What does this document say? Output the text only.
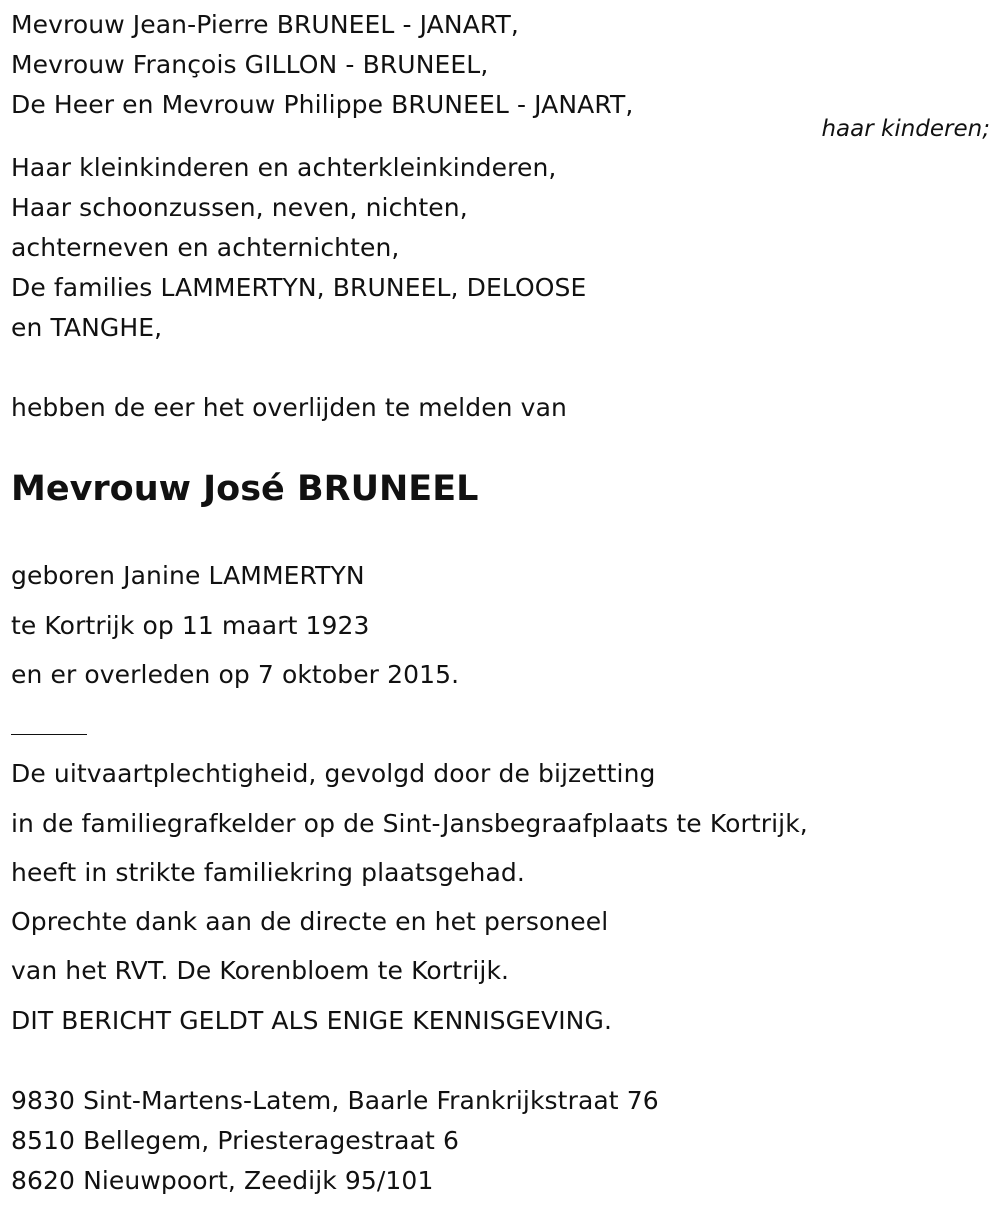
Mevrouw Jean-Pierre BRUNEEL - JANART,
Mevrouw François GILLON - BRUNEEL,
De Heer en Mevrouw Philippe BRUNEEL - JANART,
haar kinderen;
Haar kleinkinderen en achterkleinkinderen,
Haar schoonzussen, neven, nichten,
achterneven en achternichten,
De families LAMMERTYN, BRUNEEL, DELOOSE
en TANGHE,
hebben de eer het overlijden te melden van
Mevrouw José BRUNEEL
geboren Janine LAMMERTYN
te Kortrijk op 11 maart 1923
en er overleden op 7 oktober 2015.
De uitvaartplechtigheid, gevolgd door de bijzetting
in de familiegrafkelder op de Sint-Jansbegraafplaats te Kortrijk,
heeft in strikte familiekring plaatsgehad.
Oprechte dank aan de directe en het personeel
van het RVT. De Korenbloem te Kortrijk.
DIT BERICHT GELDT ALS ENIGE KENNISGEVING.
9830 Sint-Martens-Latem, Baarle Frankrijkstraat 76
8510 Bellegem, Priesteragestraat 6
8620 Nieuwpoort, Zeedijk 95/101
